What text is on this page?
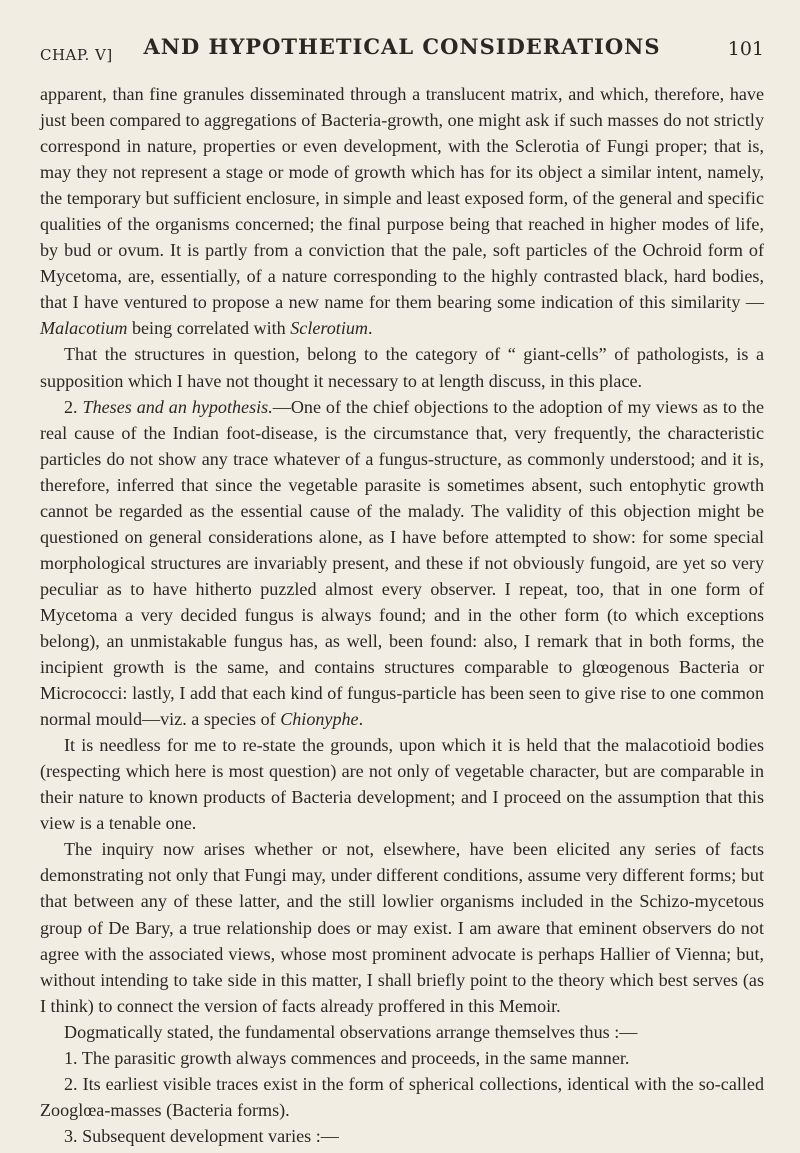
CHAP. V]	AND HYPOTHETICAL CONSIDERATIONS	101

apparent, than fine granules disseminated through a translucent matrix, and which, therefore, have just been compared to aggregations of Bacteria-growth, one might ask if such masses do not strictly correspond in nature, properties or even development, with the Sclerotia of Fungi proper; that is, may they not represent a stage or mode of growth which has for its object a similar intent, namely, the temporary but sufficient enclosure, in simple and least exposed form, of the general and specific qualities of the organisms concerned; the final purpose being that reached in higher modes of life, by bud or ovum. It is partly from a conviction that the pale, soft particles of the Ochroid form of Mycetoma, are, essentially, of a nature corresponding to the highly contrasted black, hard bodies, that I have ventured to propose a new name for them bearing some indication of this similarity —Malacotium being correlated with Sclerotium.

That the structures in question, belong to the category of “ giant-cells” of pathologists, is a supposition which I have not thought it necessary to at length discuss, in this place.

2. Theses and an hypothesis.—One of the chief objections to the adoption of my views as to the real cause of the Indian foot-disease, is the circumstance that, very frequently, the characteristic particles do not show any trace whatever of a fungus-structure, as commonly understood; and it is, therefore, inferred that since the vegetable parasite is sometimes absent, such entophytic growth cannot be regarded as the essential cause of the malady. The validity of this objection might be questioned on general considerations alone, as I have before attempted to show: for some special morphological structures are invariably present, and these if not obviously fungoid, are yet so very peculiar as to have hitherto puzzled almost every observer. I repeat, too, that in one form of Mycetoma a very decided fungus is always found; and in the other form (to which exceptions belong), an unmistakable fungus has, as well, been found: also, I remark that in both forms, the incipient growth is the same, and contains structures comparable to glœogenous Bacteria or Micrococci: lastly, I add that each kind of fungus-particle has been seen to give rise to one common normal mould—viz. a species of Chionyphe.

It is needless for me to re-state the grounds, upon which it is held that the malacotioid bodies (respecting which here is most question) are not only of vegetable character, but are comparable in their nature to known products of Bacteria development; and I proceed on the assumption that this view is a tenable one.

The inquiry now arises whether or not, elsewhere, have been elicited any series of facts demonstrating not only that Fungi may, under different conditions, assume very different forms; but that between any of these latter, and the still lowlier organisms included in the Schizo-mycetous group of De Bary, a true relationship does or may exist. I am aware that eminent observers do not agree with the associated views, whose most prominent advocate is perhaps Hallier of Vienna; but, without intending to take side in this matter, I shall briefly point to the theory which best serves (as I think) to connect the version of facts already proffered in this Memoir.

Dogmatically stated, the fundamental observations arrange themselves thus :—

1. The parasitic growth always commences and proceeds, in the same manner.

2. Its earliest visible traces exist in the form of spherical collections, identical with the so-called Zooglœa-masses (Bacteria forms).

3. Subsequent development varies :—
